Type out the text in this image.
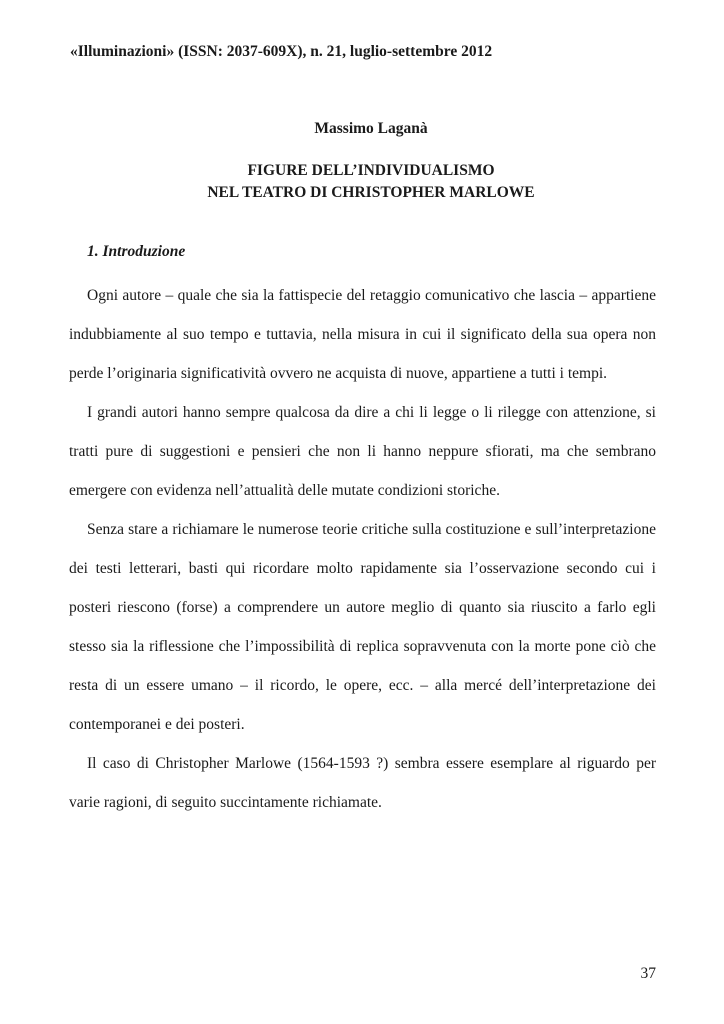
«Illuminazioni» (ISSN: 2037-609X), n. 21, luglio-settembre 2012
Massimo Laganà
FIGURE DELL’INDIVIDUALISMO
NEL TEATRO DI CHRISTOPHER MARLOWE
1. Introduzione

Ogni autore – quale che sia la fattispecie del retaggio comunicativo che lascia – appartiene indubbiamente al suo tempo e tuttavia, nella misura in cui il significato della sua opera non perde l’originaria significatività ovvero ne acquista di nuove, appartiene a tutti i tempi.

I grandi autori hanno sempre qualcosa da dire a chi li legge o li rilegge con attenzione, si tratti pure di suggestioni e pensieri che non li hanno neppure sfiorati, ma che sembrano emergere con evidenza nell’attualità delle mutate condizioni storiche.

Senza stare a richiamare le numerose teorie critiche sulla costituzione e sull’interpretazione dei testi letterari, basti qui ricordare molto rapidamente sia l’osservazione secondo cui i posteri riescono (forse) a comprendere un autore meglio di quanto sia riuscito a farlo egli stesso sia la riflessione che l’impossibilità di replica sopravvenuta con la morte pone ciò che resta di un essere umano – il ricordo, le opere, ecc. – alla mercé dell’interpretazione dei contemporanei e dei posteri.

Il caso di Christopher Marlowe (1564-1593 ?) sembra essere esemplare al riguardo per varie ragioni, di seguito succintamente richiamate.

37
